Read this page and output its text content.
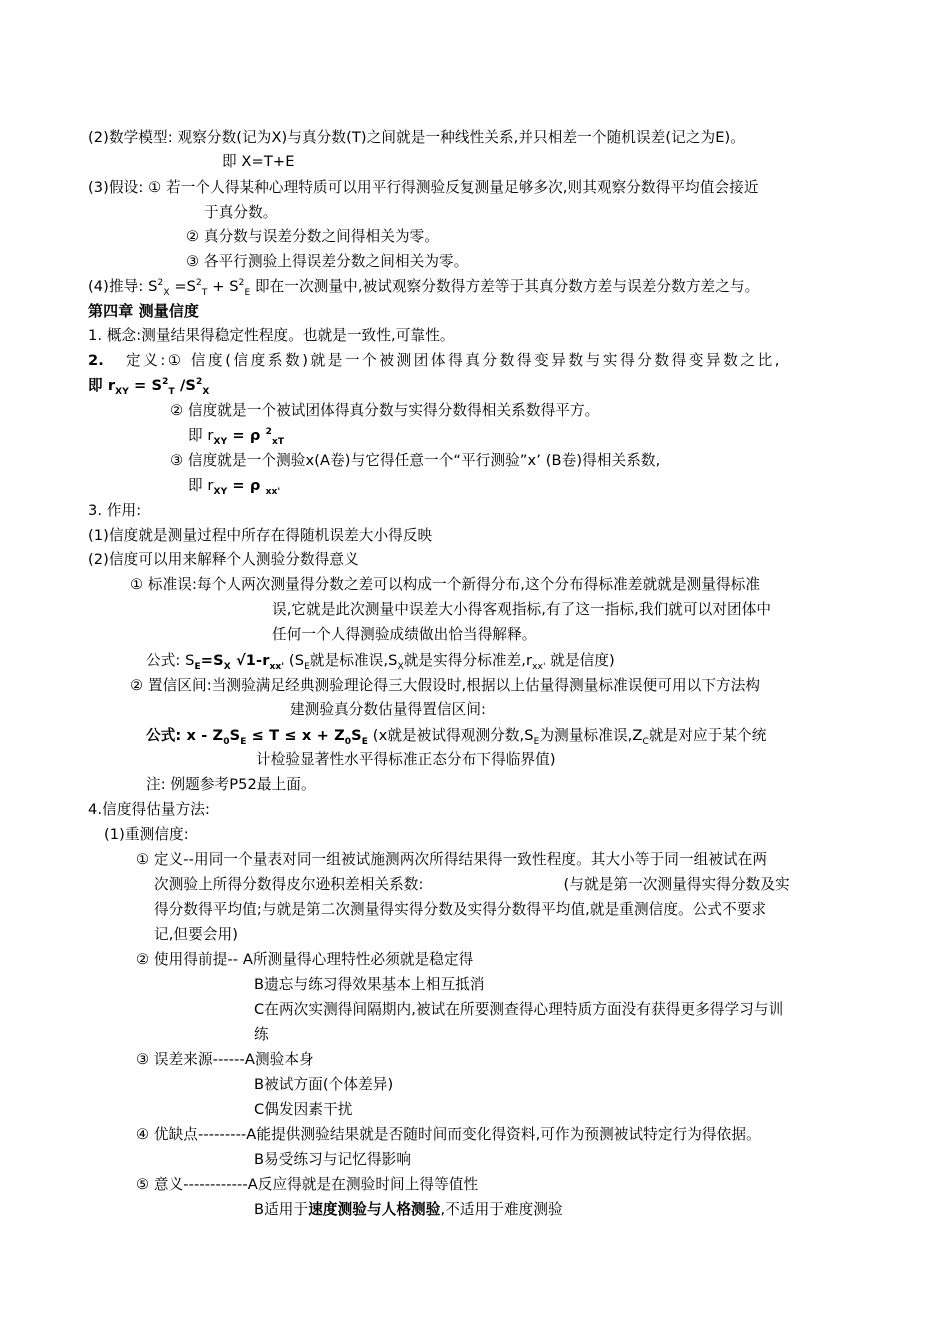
(2)数学模型: 观察分数(记为X)与真分数(T)之间就是一种线性关系,并只相差一个随机误差(记之为E)。
即 X=T+E
(3)假设: ① 若一个人得某种心理特质可以用平行得测验反复测量足够多次,则其观察分数得平均值会接近
于真分数。
② 真分数与误差分数之间得相关为零。
③ 各平行测验上得误差分数之间相关为零。
(4)推导: $S^2_X =S^2_T + S^2_E$ 即在一次测量中,被试观察分数得方差等于其真分数方差与误差分数方差之与。
第四章 测量信度
1. 概念:测量结果得稳定性程度。也就是一致性,可靠性。
2. 定义:① 信度(信度系数)就是一个被测团体得真分数得变异数与实得分数得变异数之比,
即 $r_{XY} = S^2_T$ $/S^2_X$
② 信度就是一个被试团体得真分数与实得分数得相关系数得平方。
即 $r_{XY} = \rho$ $^2_{xT}$
③ 信度就是一个测验x(A卷)与它得任意一个“平行测验”x’ (B卷)得相关系数,
即 $r_{XY} = \rho$ $_{xx'}$
3. 作用:
(1)信度就是测量过程中所存在得随机误差大小得反映
(2)信度可以用来解释个人测验分数得意义
① 标准误:每个人两次测量得分数之差可以构成一个新得分布,这个分布得标准差就就是测量得标准
误,它就是此次测量中误差大小得客观指标,有了这一指标,我们就可以对团体中
任何一个人得测验成绩做出恰当得解释。
公式: $S_E=S_X$ $√1-r_{xx'}$ ($S_E$就是标准误$,S_X$就是实得分标准差$,r_{xx'}$ 就是信度)
② 置信区间:当测验满足经典测验理论得三大假设时,根据以上估量得测量标准误便可用以下方法构
建测验真分数估量得置信区间:
公式: $x - Z_0S_E \le T \le x + Z_0S_E$ (x就是被试得观测分数$,S_E$为测量标准误$,Z_C$就是对应于某个统
计检验显著性水平得标准正态分布下得临界值)
注: 例题参考P52最上面。
4.信度得估量方法:
(1)重测信度:
① 定义--用同一个量表对同一组被试施测两次所得结果得一致性程度。其大小等于同一组被试在两
次测验上所得分数得皮尔逊积差相关系数:	(与就是第一次测量得实得分数及实
得分数得平均值;与就是第二次测量得实得分数及实得分数得平均值,就是重测信度。公式不要求
记,但要会用)
② 使用得前提-- A所测量得心理特性必须就是稳定得
B遗忘与练习得效果基本上相互抵消
C在两次实测得间隔期内,被试在所要测查得心理特质方面没有获得更多得学习与训
练
③ 误差来源------A测验本身
B被试方面(个体差异)
C偶发因素干扰
④ 优缺点---------A能提供测验结果就是否随时间而变化得资料,可作为预测被试特定行为得依据。
B易受练习与记忆得影响
⑤ 意义------------A反应得就是在测验时间上得等值性
B适用于速度测验与人格测验,不适用于难度测验
